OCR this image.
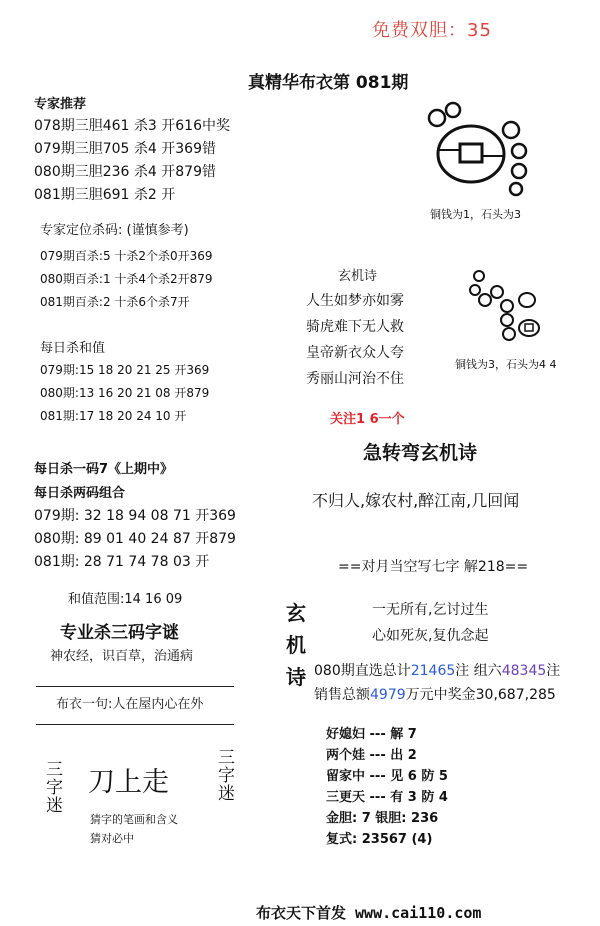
免费双胆：35
真精华布衣第 081期
专家推荐
078期三胆461 杀3 开616中奖
079期三胆705 杀4 开369错
080期三胆236 杀4 开879错
081期三胆691 杀2 开
专家定位杀码: (谨慎参考)
079期百杀:5 十杀2个杀0开369
080期百杀:1 十杀4个杀2开879
081期百杀:2 十杀6个杀7开
每日杀和值
079期:15 18 20 21 25 开369
080期:13 16 20 21 08 开879
081期:17 18 20 24 10 开
每日杀一码7《上期中》
每日杀两码组合
079期: 32 18 94 08 71 开369
080期: 89 01 40 24 87 开879
081期: 28 71 74 78 03 开
和值范围:14 16 09
专业杀三码字谜
神农经，识百草，治通病
布衣一句:人在屋内心在外
三字迷 刀上走	三字迷
猜字的笔画和含义
猜对必中
铜钱为1，石头为3
铜钱为3，石头为4 4
玄机诗
人生如梦亦如雾
骑虎难下无人救
皇帝新衣众人夸
秀丽山河治不住
关注1 6一个
急转弯玄机诗
不归人,嫁农村,醉江南,几回闻
==对月当空写七字 解218==
玄机诗
一无所有,乞讨过生
心如死灰,复仇念起
080期直选总计21465注 组六48345注
销售总额4979万元中奖金30,687,285
好媳妇 --- 解 7
两个娃 --- 出 2
留家中 --- 见 6 防 5
三更天 --- 有 3 防 4
金胆: 7 银胆: 236
复式: 23567 (4)
布衣天下首发 www.cai110.com
